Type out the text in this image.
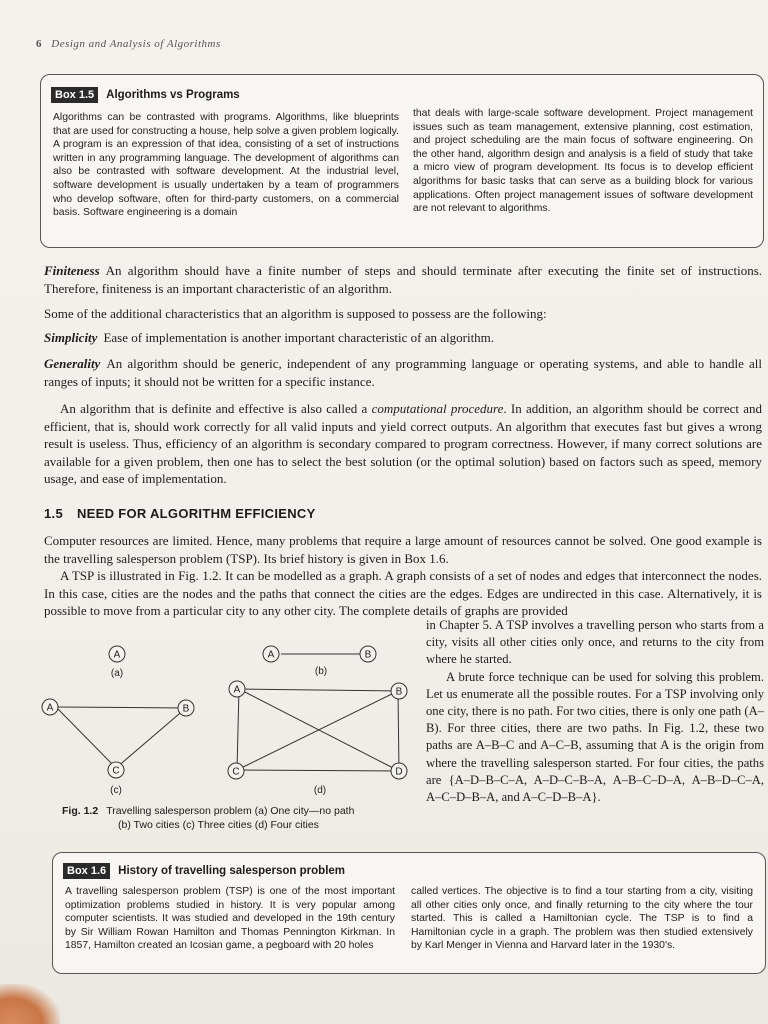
6 Design and Analysis of Algorithms
Box 1.5	Algorithms vs Programs
Algorithms can be contrasted with programs. Algorithms, like blueprints that are used for constructing a house, help solve a given problem logically. A program is an expression of that idea, consisting of a set of instructions written in any programming language. The development of algorithms can also be contrasted with software development. At the industrial level, software development is usually undertaken by a team of programmers who develop software, often for third-party customers, on a commercial basis. Software engineering is a domain
that deals with large-scale software development. Project management issues such as team management, extensive planning, cost estimation, and project scheduling are the main focus of software engineering. On the other hand, algorithm design and analysis is a field of study that take a micro view of program development. Its focus is to develop efficient algorithms for basic tasks that can serve as a building block for various applications. Often project management issues of software development are not relevant to algorithms.
Finiteness An algorithm should have a finite number of steps and should terminate after executing the finite set of instructions. Therefore, finiteness is an important characteristic of an algorithm.
Some of the additional characteristics that an algorithm is supposed to possess are the following:
Simplicity Ease of implementation is another important characteristic of an algorithm.
Generality An algorithm should be generic, independent of any programming language or operating systems, and able to handle all ranges of inputs; it should not be written for a specific instance.
An algorithm that is definite and effective is also called a computational procedure. In addition, an algorithm should be correct and efficient, that is, should work correctly for all valid inputs and yield correct outputs. An algorithm that executes fast but gives a wrong result is useless. Thus, efficiency of an algorithm is secondary compared to program correctness. However, if many correct solutions are available for a given problem, then one has to select the best solution (or the optimal solution) based on factors such as speed, memory usage, and ease of implementation.
1.5 NEED FOR ALGORITHM EFFICIENCY
Computer resources are limited. Hence, many problems that require a large amount of resources cannot be solved. One good example is the travelling salesperson problem (TSP). Its brief history is given in Box 1.6.
A TSP is illustrated in Fig. 1.2. It can be modelled as a graph. A graph consists of a set of nodes and edges that interconnect the nodes. In this case, cities are the nodes and the paths that connect the cities are the edges. Edges are undirected in this case. Alternatively, it is possible to move from a particular city to any other city. The complete details of graphs are provided
A	A	B
A	B
C
A	B
C	D
(a)	(b)
(c)	(d)
Fig. 1.2 Travelling salesperson problem (a) One city—no path
(b) Two cities (c) Three cities (d) Four cities

in Chapter 5. A TSP involves a travelling person who starts from a city, visits all other cities only once, and returns to the city from where he started.

A brute force technique can be used for solving this problem. Let us enumerate all the possible routes. For a TSP involving only one city, there is no path. For two cities, there is only one path (A–B). For three cities, there are two paths. In Fig. 1.2, these two paths are A–B–C and A–C–B, assuming that A is the origin from where the travelling salesperson started. For four cities, the paths are {A–D–B–C–A, A–D–C–B–A, A–B–C–D–A, A–B–D–C–A, A–C–D–B–A, and A–C–D–B–A}.

Box 1.6	History of travelling salesperson problem
A travelling salesperson problem (TSP) is one of the most important optimization problems studied in history. It is very popular among computer scientists. It was studied and developed in the 19th century by Sir William Rowan Hamilton and Thomas Pennington Kirkman. In 1857, Hamilton created an Icosian game, a pegboard with 20 holes
called vertices. The objective is to find a tour starting from a city, visiting all other cities only once, and finally returning to the city where the tour started. This is called a Hamiltonian cycle. The TSP is to find a Hamiltonian cycle in a graph. The problem was then studied extensively by Karl Menger in Vienna and Harvard later in the 1930's.
